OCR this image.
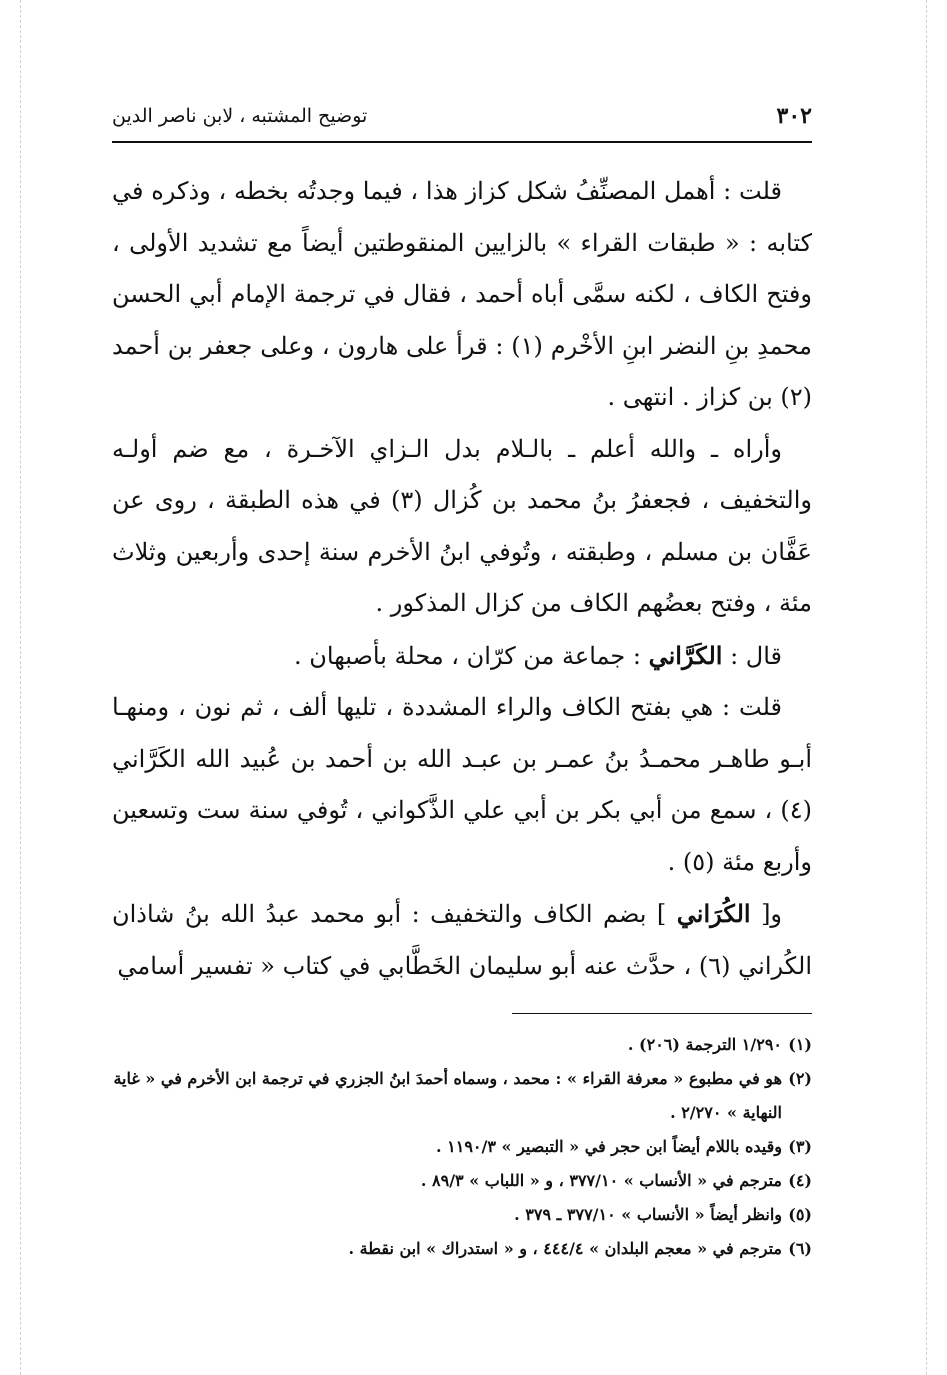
٣٠٢
توضيح المشتبه ، لابن ناصر الدين

قلت : أهمل المصنِّفُ شكل كزاز هذا ، فيما وجدتُه بخطه ، وذكره في كتابه : « طبقات القراء » بالزايين المنقوطتين أيضاً مع تشديد الأولى ، وفتح الكاف ، لكنه سمَّى أباه أحمد ، فقال في ترجمة الإمام أبي الحسن محمدِ بنِ النضر ابنِ الأخْرم (١) : قرأ على هارون ، وعلى جعفر بن أحمد (٢) بن كزاز . انتهى .

وأراه ـ والله أعلم ـ بالـلام بدل الـزاي الآخـرة ، مع ضم أولـه والتخفيف ، فجعفرُ بنُ محمد بن كُزال (٣) في هذه الطبقة ، روى عن عَفَّان بن مسلم ، وطبقته ، وتُوفي ابنُ الأخرم سنة إحدى وأربعين وثلاث مئة ، وفتح بعضُهم الكاف من كزال المذكور .

قال : الكَرَّاني : جماعة من كرّان ، محلة بأصبهان .

قلت : هي بفتح الكاف والراء المشددة ، تليها ألف ، ثم نون ، ومنهـا أبـو طاهـر محمـدُ بنُ عمـر بن عبـد الله بن أحمد بن عُبيد الله الكَرَّاني (٤) ، سمع من أبي بكر بن أبي علي الذَّكواني ، تُوفي سنة ست وتسعين وأربع مئة (٥) .

و[ الكُرَاني ] بضم الكاف والتخفيف : أبو محمد عبدُ الله بنُ شاذان الكُراني (٦) ، حدَّث عنه أبو سليمان الخَطَّابي في كتاب « تفسير أسامي

(١)
١/٢٩٠ الترجمة (٢٠٦) .
(٢)
هو في مطبوع « معرفة القراء » : محمد ، وسماه أحمدَ ابنُ الجزري في ترجمة ابن الأخرم في « غاية النهاية » ٢/٢٧٠ .
(٣)
وقيده باللام أيضاً ابن حجر في « التبصير » ١١٩٠/٣ .
(٤)
مترجم في « الأنساب » ٣٧٧/١٠ ، و « اللباب » ٨٩/٣ .
(٥)
وانظر أيضاً « الأنساب » ٣٧٧/١٠ ـ ٣٧٩ .
(٦)
مترجم في « معجم البلدان » ٤٤٤/٤ ، و « استدراك » ابن نقطة .
